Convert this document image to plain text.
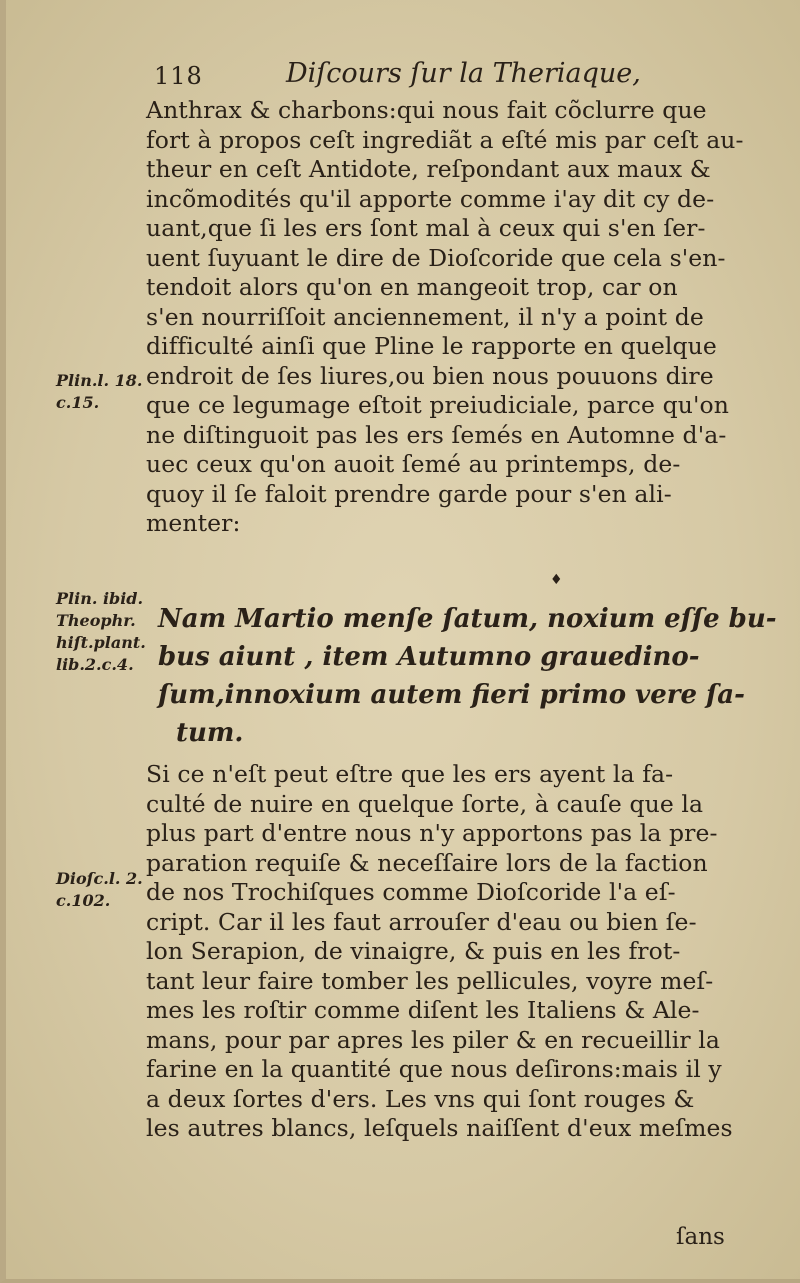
118	Diſcours ſur la Theriaque,
Anthrax & charbons:qui nous fait cõclurre que
fort à propos ceſt ingrediãt a eſté mis par ceſt au-
theur en ceſt Antidote, reſpondant aux maux &
incõmodités qu'il apporte comme i'ay dit cy de-
uant,que ſi les ers ſont mal à ceux qui s'en ſer-
uent ſuyuant le dire de Dioſcoride que cela s'en-
tendoit alors qu'on en mangeoit trop, car on
s'en nourriſſoit anciennement, il n'y a point de
difficulté ainſi que Pline le rapporte en quelque
endroit de ſes liures,ou bien nous pouuons dire
que ce legumage eſtoit preiudiciale, parce qu'on
ne diſtinguoit pas les ers ſemés en Automne d'a-
uec ceux qu'on auoit ſemé au printemps, de-
quoy il ſe faloit prendre garde pour s'en ali-
menter:
♦
Nam Martio menſe ſatum, noxium eſſe bu-
bus aiunt , item Autumno grauedino-
ſum,innoxium autem fieri primo vere ſa-
tum.
Si ce n'eſt peut eſtre que les ers ayent la fa-
culté de nuire en quelque ſorte, à cauſe que la
plus part d'entre nous n'y apportons pas la pre-
paration requiſe & neceſſaire lors de la faction
de nos Trochiſques comme Dioſcoride l'a eſ-
cript. Car il les faut arrouſer d'eau ou bien ſe-
lon Serapion, de vinaigre, & puis en les frot-
tant leur faire tomber les pellicules, voyre meſ-
mes les roſtir comme diſent les Italiens & Ale-
mans, pour par apres les piler & en recueillir la
farine en la quantité que nous deſirons:mais il y
a deux ſortes d'ers. Les vns qui ſont rouges &
les autres blancs, leſquels naiſſent d'eux meſmes
ſans
Plin.l. 18.
c.15.
Plin. ibid.
Theophr.
hiſt.plant.
lib.2.c.4.
Dioſc.l. 2.
c.102.
